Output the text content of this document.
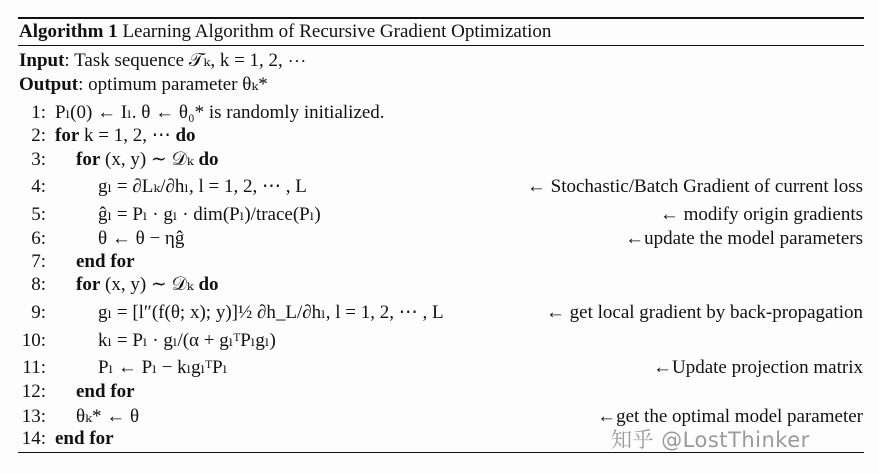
Algorithm 1 Learning Algorithm of Recursive Gradient Optimization
Input: Task sequence 𝒯ₖ, k = 1, 2, ⋯
Output: optimum parameter θₖ*
1: Pₗ(0) ← Iₗ. θ ← θ₀* is randomly initialized.
2: for k = 1, 2, ⋯ do
3: for (x, y) ∼ 𝒟ₖ do
4:	gₗ = ∂Lₖ/∂hₗ, l = 1, 2, ⋯ , L	← Stochastic/Batch Gradient of current loss
5:	ĝₗ = Pₗ · gₗ · dim(Pₗ)/trace(Pₗ)	← modify origin gradients
6:	θ ← θ − ηĝ	←update the model parameters
7: end for
8: for (x, y) ∼ 𝒟ₖ do
9:	gₗ = [l″(f(θ; x); y)]½ ∂h_L/∂hₗ, l = 1, 2, ⋯ , L	← get local gradient by back-propagation
10:	kₗ = Pₗ · gₗ/(α + gₗᵀPₗgₗ)
11:	Pₗ ← Pₗ − kₗgₗᵀPₗ	←Update projection matrix
12: end for
13: θₖ* ← θ	←get the optimal model parameter
14: end for	知乎 @LostThinker
